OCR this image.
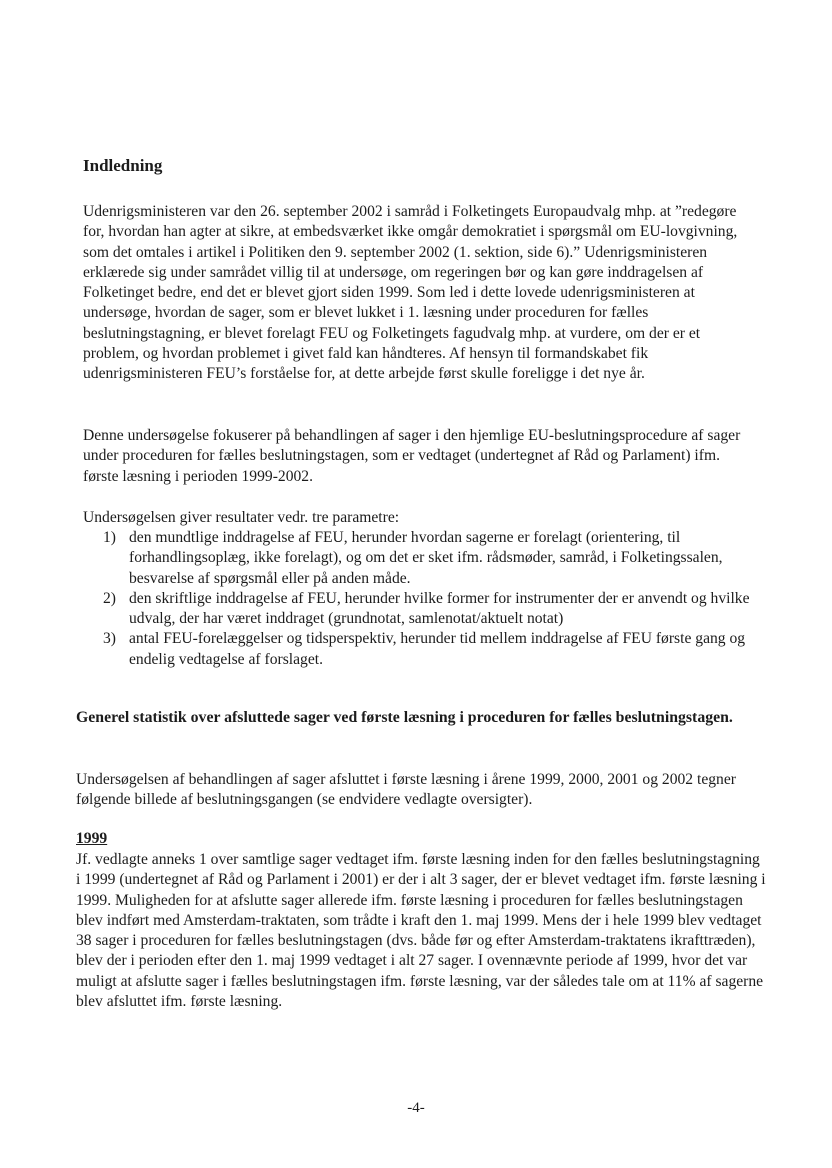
Indledning

Udenrigsministeren var den 26. september 2002 i samråd i Folketingets Europaudvalg mhp. at ”redegøre for, hvordan han agter at sikre, at embedsværket ikke omgår demokratiet i spørgsmål om EU-lovgivning, som det omtales i artikel i Politiken den 9. september 2002 (1. sektion, side 6).” Udenrigsministeren erklærede sig under samrådet villig til at undersøge, om regeringen bør og kan gøre inddragelsen af Folketinget bedre, end det er blevet gjort siden 1999. Som led i dette lovede udenrigsministeren at undersøge, hvordan de sager, som er blevet lukket i 1. læsning under proceduren for fælles beslutningstagning, er blevet forelagt FEU og Folketingets fagudvalg mhp. at vurdere, om der er et problem, og hvordan problemet i givet fald kan håndteres. Af hensyn til formandskabet fik udenrigsministeren FEU’s forståelse for, at dette arbejde først skulle foreligge i det nye år.

Denne undersøgelse fokuserer på behandlingen af sager i den hjemlige EU-beslutningsprocedure af sager under proceduren for fælles beslutningstagen, som er vedtaget (undertegnet af Råd og Parlament) ifm. første læsning i perioden 1999-2002.

Undersøgelsen giver resultater vedr. tre parametre:

1) den mundtlige inddragelse af FEU, herunder hvordan sagerne er forelagt (orientering, til forhandlingsoplæg, ikke forelagt), og om det er sket ifm. rådsmøder, samråd, i Folketingssalen, besvarelse af spørgsmål eller på anden måde.
2) den skriftlige inddragelse af FEU, herunder hvilke former for instrumenter der er anvendt og hvilke udvalg, der har været inddraget (grundnotat, samlenotat/aktuelt notat)
3) antal FEU-forelæggelser og tidsperspektiv, herunder tid mellem inddragelse af FEU første gang og endelig vedtagelse af forslaget.
Generel statistik over afsluttede sager ved første læsning i proceduren for fælles beslutningstagen.

Undersøgelsen af behandlingen af sager afsluttet i første læsning i årene 1999, 2000, 2001 og 2002 tegner følgende billede af beslutningsgangen (se endvidere vedlagte oversigter).

1999

Jf. vedlagte anneks 1 over samtlige sager vedtaget ifm. første læsning inden for den fælles beslutningstagning i 1999 (undertegnet af Råd og Parlament i 2001) er der i alt 3 sager, der er blevet vedtaget ifm. første læsning i 1999. Muligheden for at afslutte sager allerede ifm. første læsning i proceduren for fælles beslutningstagen blev indført med Amsterdam-traktaten, som trådte i kraft den 1. maj 1999. Mens der i hele 1999 blev vedtaget 38 sager i proceduren for fælles beslutningstagen (dvs. både før og efter Amsterdam-traktatens ikrafttræden), blev der i perioden efter den 1. maj 1999 vedtaget i alt 27 sager. I ovennævnte periode af 1999, hvor det var muligt at afslutte sager i fælles beslutningstagen ifm. første læsning, var der således tale om at 11% af sagerne blev afsluttet ifm. første læsning.

-4-
